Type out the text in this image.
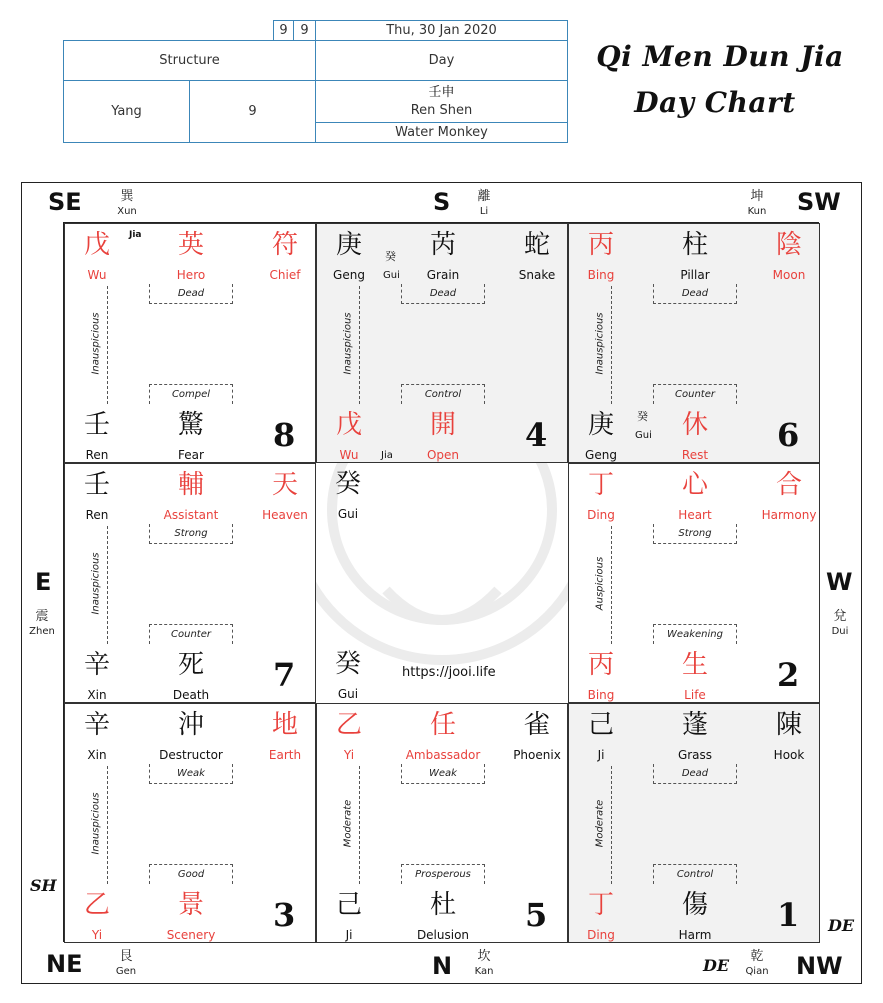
9 9	Thu, 30 Jan 2020
Structure	Day
Yang	9
壬申
Ren Shen
Water Monkey
Qi Men Dun Jia
Day Chart
SE	S	SW
E	W
NE	N	NW
SH
DE
DE
巽
Xun
離
Li
坤
Kun
震
Zhen
兌
Dui
艮
Gen
坎
Kan
乾
Qian
癸
Gui
癸
Gui
https://jooi.life
戊
Wu
英
Hero
符
Chief
Dead
Compel
Inauspicious
壬
Ren
驚
Fear
8
Jia	庚
Geng
芮
Grain
蛇
Snake
Dead
Control
Inauspicious
戊
Wu
開
Open
4
Jia
癸
Gui
丙
Bing
柱
Pillar
陰
Moon
Dead
Counter
Inauspicious
庚
Geng
休
Rest
6
癸
Gui
壬
Ren
輔
Assistant
天
Heaven
Strong
Counter
Inauspicious
辛
Xin
死
Death
7
丁
Ding
心
Heart
合
Harmony
Strong
Weakening
Auspicious
丙
Bing
生
Life
2
辛
Xin
沖
Destructor
地
Earth
Weak
Good
Inauspicious
乙
Yi
景
Scenery
3
乙
Yi
任
Ambassador
雀
Phoenix
Weak
Prosperous
Moderate
己
Ji
杜
Delusion
5
己
Ji
蓬
Grass
陳
Hook
Dead
Control
Moderate
丁
Ding
傷
Harm
1
